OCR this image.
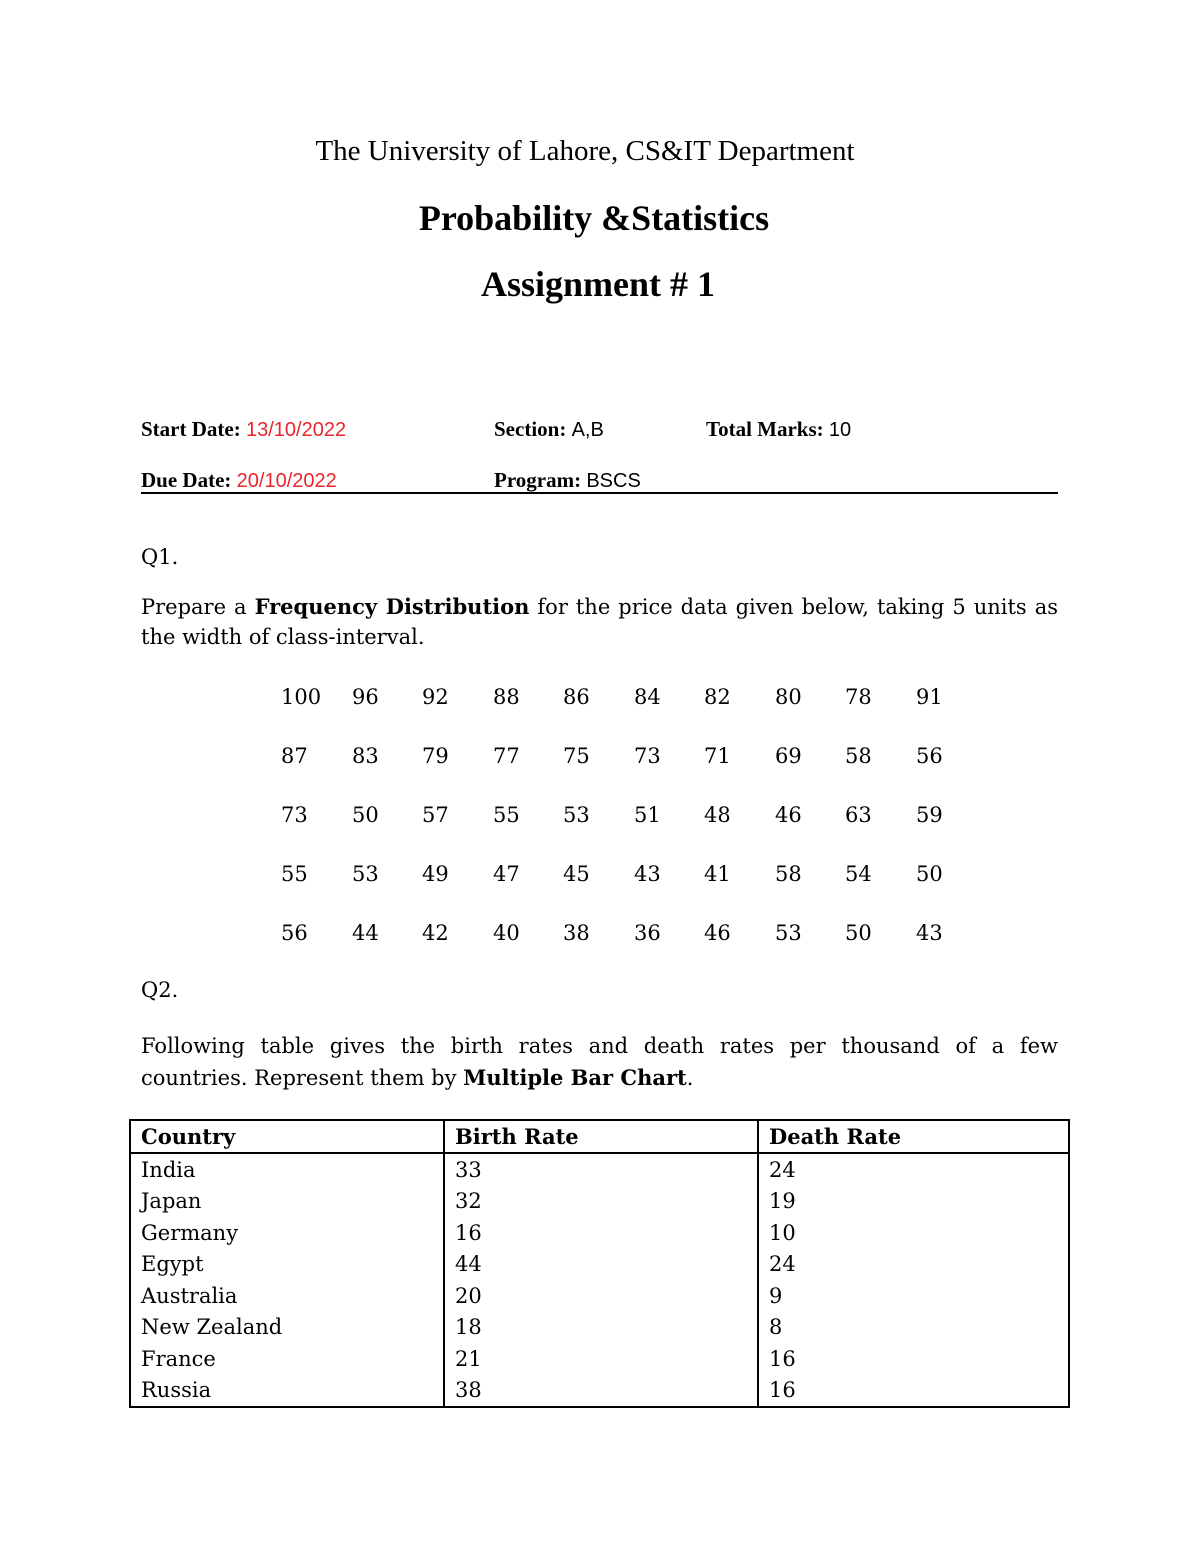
The University of Lahore, CS&IT Department
Probability &Statistics
Assignment # 1
Start Date: 13/10/2022	Section: A,B	Total Marks: 10
Due Date: 20/10/2022	Program: BSCS
Q1.
Prepare a Frequency Distribution for the price data given below, taking 5 units as
the width of class-interval.
100	96	92	88	86	84	82	80	78	91
87	83	79	77	75	73	71	69	58	56
73	50	57	55	53	51	48	46	63	59
55	53	49	47	45	43	41	58	54	50
56	44	42	40	38	36	46	53	50	43
Q2.
Following table gives the birth rates and death rates per thousand of a few
countries. Represent them by Multiple Bar Chart.
Country	Birth Rate	Death Rate
India	33	24
Japan	32	19
Germany	16	10
Egypt	44	24
Australia	20	9
New Zealand	18	8
France	21	16
Russia	38	16
